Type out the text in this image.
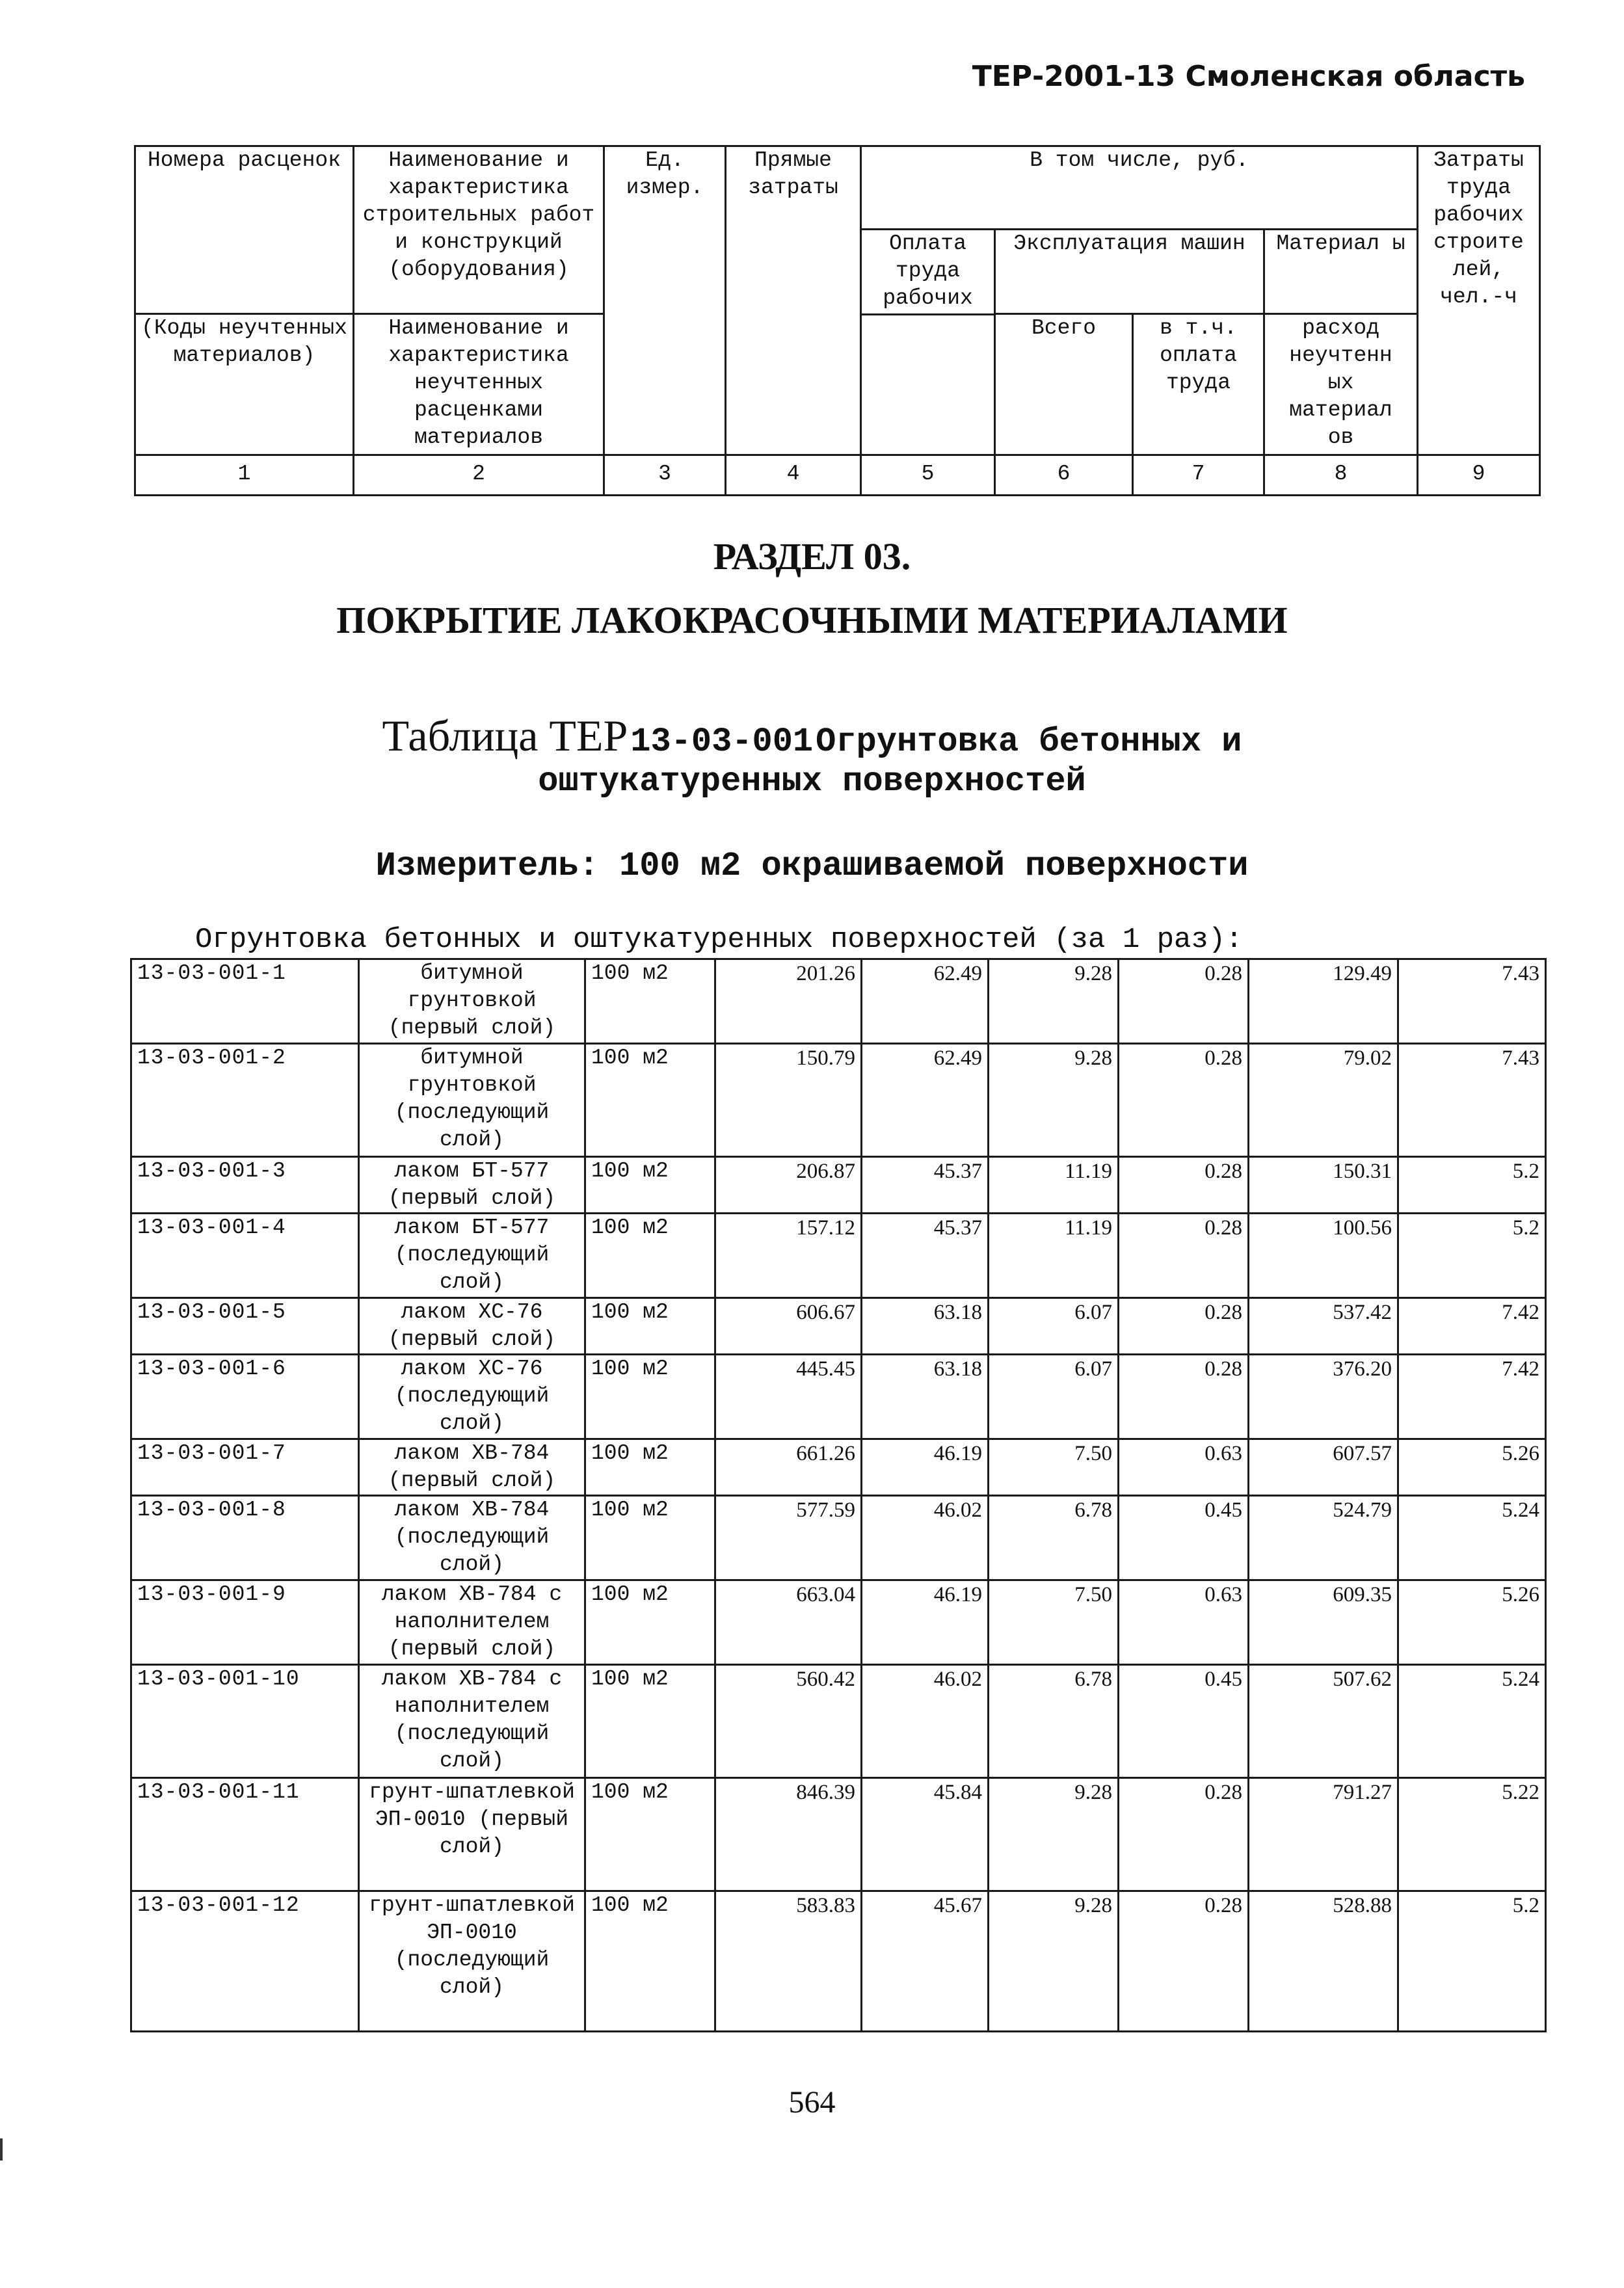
ТЕР-2001-13 Смоленская область
Номера расценок	Наименование и характеристика строительных работ и конструкций (оборудования)	Ед. измер.	Прямые затраты	В том числе, руб.				Затраты труда рабочих строите лей, чел.-ч
				Оплата труда рабочих	Эксплуатация машин		Материал ы	
(Коды неучтенных материалов)	Наименование и характеристика неучтенных расценками материалов				Всего	в т.ч. оплата труда	расход неучтенн ых материал ов	

1	2	3	4	5	6	7	8	9
РАЗДЕЛ 03.
ПОКРЫТИЕ ЛАКОКРАСОЧНЫМИ МАТЕРИАЛАМИ
Таблица ТЕР 13-03-001 Огрунтовка бетонных и
оштукатуренных поверхностей
Измеритель: 100 м2 окрашиваемой поверхности
Огрунтовка бетонных и оштукатуренных поверхностей (за 1 раз):
13-03-001-1	битумной грунтовкой (первый слой)	100 м2	201.26	62.49	9.28	0.28	129.49	7.43
13-03-001-2	битумной грунтовкой (последующий слой)	100 м2	150.79	62.49	9.28	0.28	79.02	7.43
13-03-001-3	лаком БТ-577 (первый слой)	100 м2	206.87	45.37	11.19	0.28	150.31	5.2
13-03-001-4	лаком БТ-577 (последующий слой)	100 м2	157.12	45.37	11.19	0.28	100.56	5.2
13-03-001-5	лаком ХС-76 (первый слой)	100 м2	606.67	63.18	6.07	0.28	537.42	7.42
13-03-001-6	лаком ХС-76 (последующий слой)	100 м2	445.45	63.18	6.07	0.28	376.20	7.42
13-03-001-7	лаком ХВ-784 (первый слой)	100 м2	661.26	46.19	7.50	0.63	607.57	5.26
13-03-001-8	лаком ХВ-784 (последующий слой)	100 м2	577.59	46.02	6.78	0.45	524.79	5.24
13-03-001-9	лаком ХВ-784 с наполнителем (первый слой)	100 м2	663.04	46.19	7.50	0.63	609.35	5.26
13-03-001-10	лаком ХВ-784 с наполнителем (последующий слой)	100 м2	560.42	46.02	6.78	0.45	507.62	5.24
13-03-001-11	грунт-шпатлевкой ЭП-0010 (первый слой)	100 м2	846.39	45.84	9.28	0.28	791.27	5.22
13-03-001-12	грунт-шпатлевкой ЭП-0010 (последующий слой)	100 м2	583.83	45.67	9.28	0.28	528.88	5.2
564
